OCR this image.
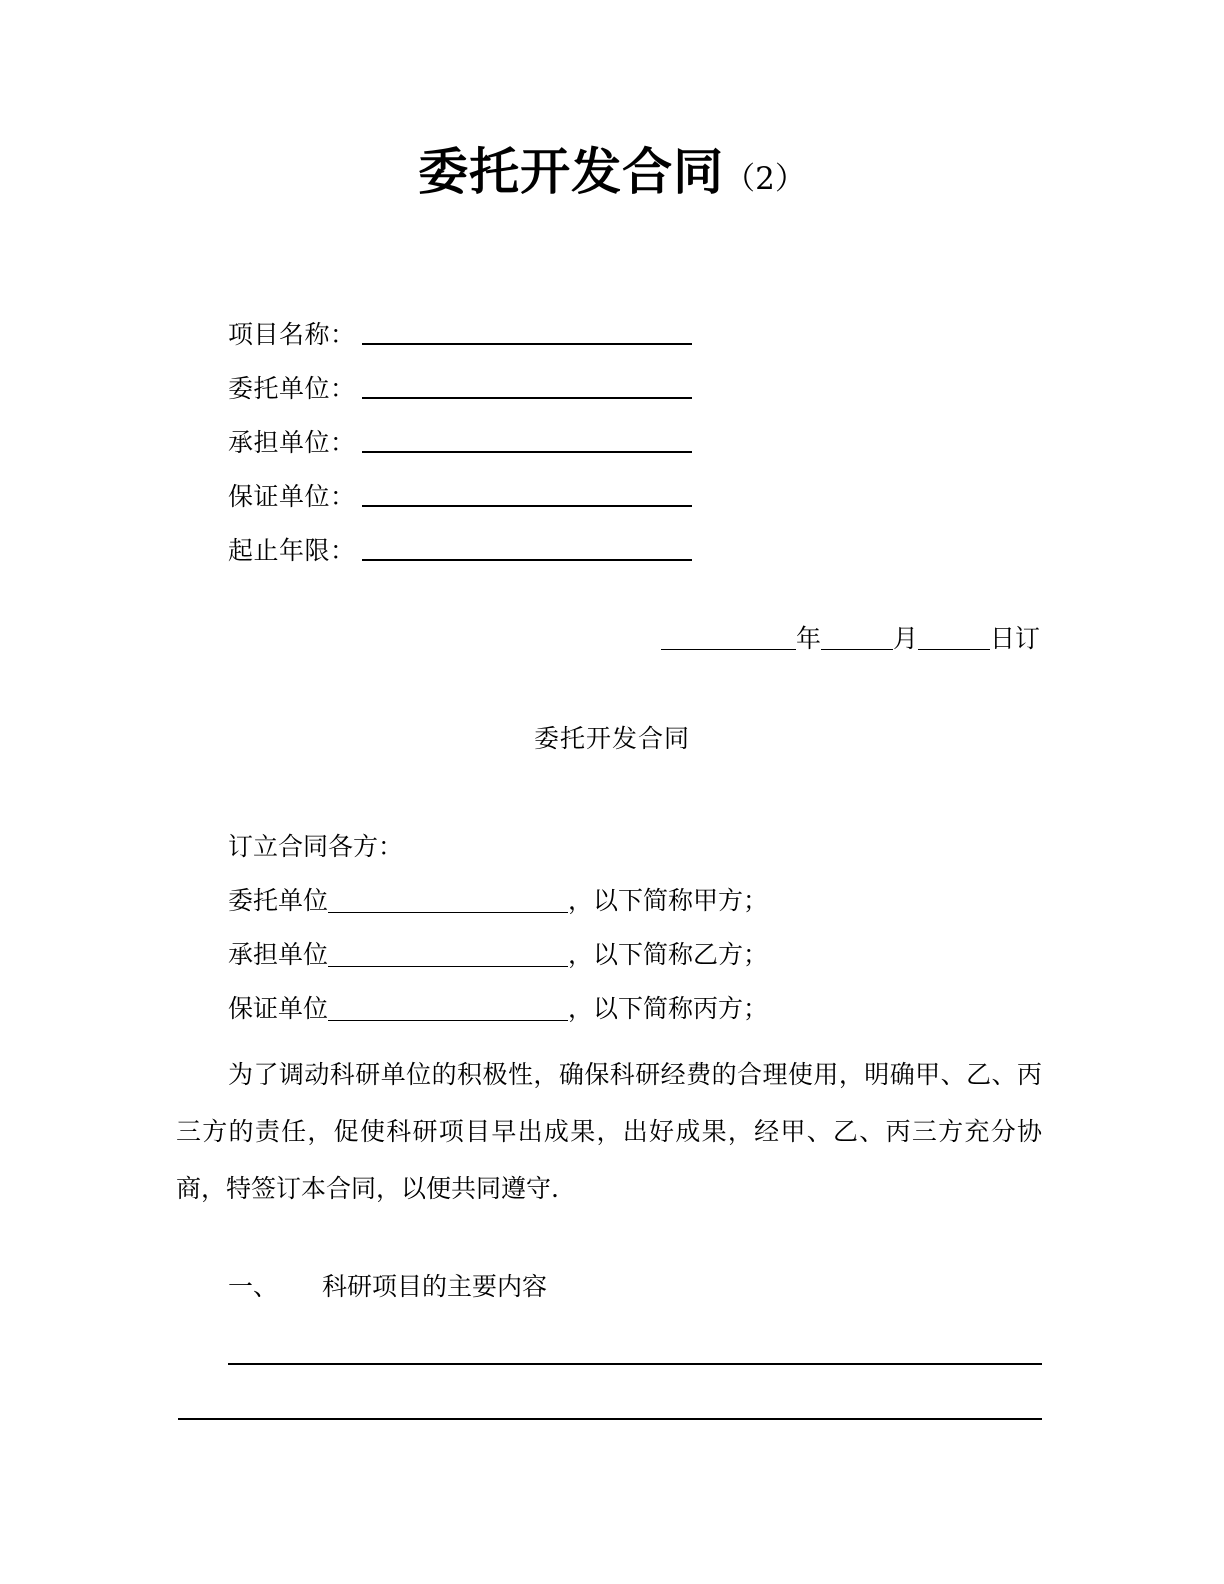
委托开发合同（2）
项目名称：
委托单位：
承担单位：
保证单位：
起止年限：
年	月	日订
委托开发合同
订立合同各方：
委托单位	，以下简称甲方；
承担单位	，以下简称乙方；
保证单位	，以下简称丙方；
为了调动科研单位的积极性，确保科研经费的合理使用，明确甲、乙、丙三方的责任，促使科研项目早出成果，出好成果，经甲、乙、丙三方充分协商，特签订本合同，以便共同遵守.
一、 科研项目的主要内容
